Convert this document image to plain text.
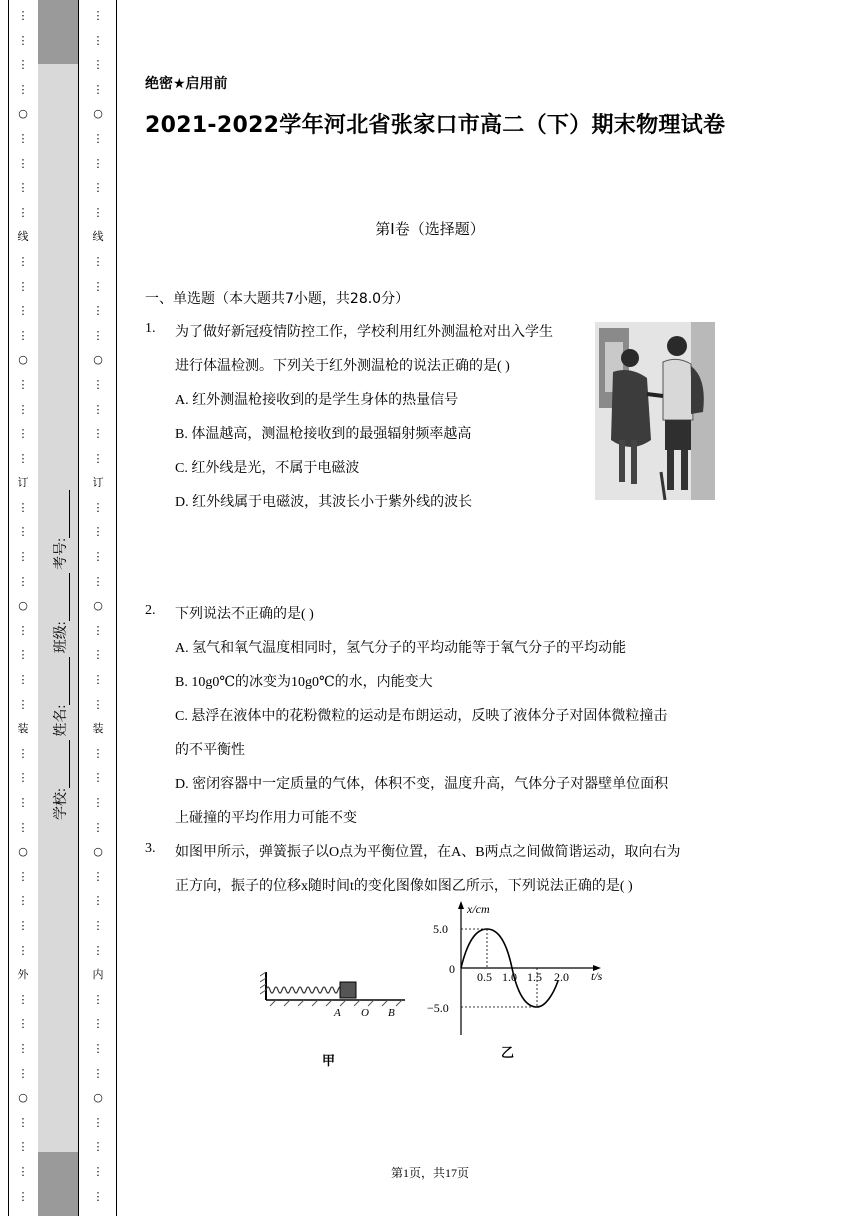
⋮
⋮
⋮
⋮
○
⋮
⋮
⋮
⋮
线
⋮
⋮
⋮
⋮
○
⋮
⋮
⋮
⋮
订
⋮
⋮
⋮
⋮
○
⋮
⋮
⋮
⋮
装
⋮
⋮
⋮
⋮
○
⋮
⋮
⋮
⋮
外
⋮
⋮
⋮
⋮
○
⋮
⋮
⋮
⋮
⋮
⋮
⋮
⋮
○
⋮
⋮
⋮
⋮
线
⋮
⋮
⋮
⋮
○
⋮
⋮
⋮
⋮
订
⋮
⋮
⋮
⋮
○
⋮
⋮
⋮
⋮
装
⋮
⋮
⋮
⋮
○
⋮
⋮
⋮
⋮
内
⋮
⋮
⋮
⋮
○
⋮
⋮
⋮
⋮
学校: 姓名: 班级: 考号:
绝密★启用前
2021-2022学年河北省张家口市高二（下）期末物理试卷
第I卷（选择题）
一、单选题（本大题共7小题，共28.0分）
1. 为了做好新冠疫情防控工作，学校利用红外测温枪对出入学生
进行体温检测。下列关于红外测温枪的说法正确的是( )
A. 红外测温枪接收到的是学生身体的热量信号
B. 体温越高，测温枪接收到的最强辐射频率越高
C. 红外线是光，不属于电磁波
D. 红外线属于电磁波，其波长小于紫外线的波长
2. 下列说法不正确的是( )
A. 氢气和氧气温度相同时，氢气分子的平均动能等于氧气分子的平均动能
B. 10g0℃的冰变为10g0℃的水，内能变大
C. 悬浮在液体中的花粉微粒的运动是布朗运动，反映了液体分子对固体微粒撞击
的不平衡性
D. 密闭容器中一定质量的气体，体积不变，温度升高，气体分子对器壁单位面积
上碰撞的平均作用力可能不变
3. 如图甲所示，弹簧振子以O点为平衡位置，在A、B两点之间做简谐运动，取向右为
正方向，振子的位移x随时间t的变化图像如图乙所示，下列说法正确的是( )
A O B
甲
x/cm
t/s
5.0
−5.0
0
0.5 1.0 1.5 2.0
乙
第1页，共17页
